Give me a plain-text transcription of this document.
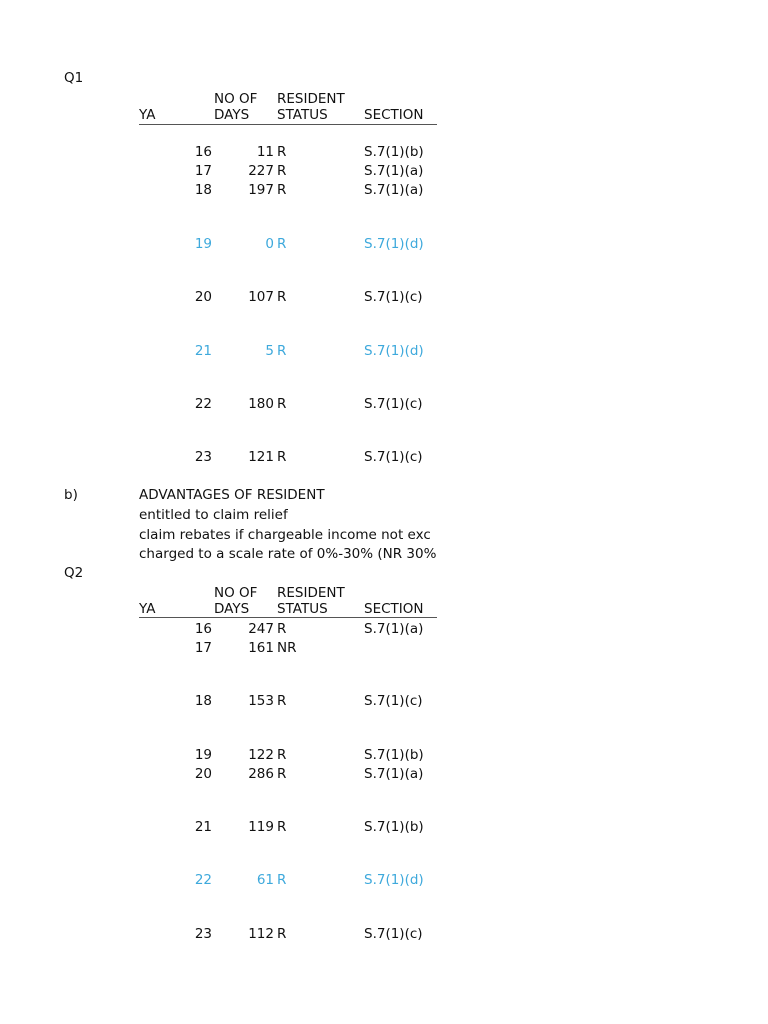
Q1
NO OF RESIDENT
YA	DAYS STATUS	SECTION
16	11 R	S.7(1)(b)
17	227 R	S.7(1)(a)
18	197 R	S.7(1)(a)
19	0 R	S.7(1)(d)
20	107 R	S.7(1)(c)
21	5 R	S.7(1)(d)
22	180 R	S.7(1)(c)
23	121 R	S.7(1)(c)
b)	ADVANTAGES OF RESIDENT
entitled to claim relief
claim rebates if chargeable income not exc
charged to a scale rate of 0%-30% (NR 30%
Q2
NO OF RESIDENT
YA	DAYS STATUS	SECTION
16	247 R	S.7(1)(a)
17	161 NR
18	153 R	S.7(1)(c)
19	122 R	S.7(1)(b)
20	286 R	S.7(1)(a)
21	119 R	S.7(1)(b)
22	61 R	S.7(1)(d)
23	112 R	S.7(1)(c)
